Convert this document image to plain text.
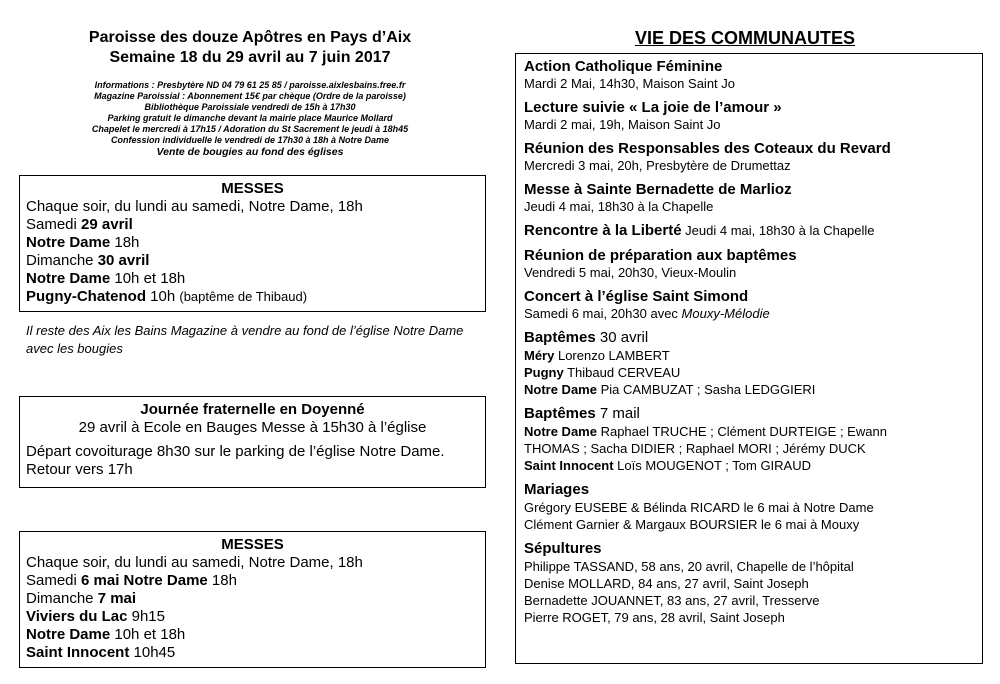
Paroisse des douze Apôtres en Pays d’Aix
Semaine 18 du 29 avril au 7 juin 2017
Informations : Presbytère ND 04 79 61 25 85 / paroisse.aixlesbains.free.fr
Magazine Paroissial : Abonnement 15€ par chèque (Ordre de la paroisse)
Bibliothèque Paroissiale vendredi de 15h à 17h30
Parking gratuit le dimanche devant la mairie place Maurice Mollard
Chapelet le mercredi à 17h15 / Adoration du St Sacrement le jeudi à 18h45
Confession individuelle le vendredi de 17h30 à 18h à Notre Dame
Vente de bougies au fond des églises
MESSES
Chaque soir, du lundi au samedi, Notre Dame, 18h
Samedi 29 avril
Notre Dame 18h
Dimanche 30 avril
Notre Dame 10h et 18h
Pugny-Chatenod 10h (baptême de Thibaud)
Il reste des Aix les Bains Magazine à vendre au fond de l’église Notre Dame avec les bougies
Journée fraternelle en Doyenné
29 avril à Ecole en Bauges Messe à 15h30 à l’église
Départ covoiturage 8h30 sur le parking de l’église Notre Dame.
Retour vers 17h
MESSES
Chaque soir, du lundi au samedi, Notre Dame, 18h
Samedi 6 mai Notre Dame 18h
Dimanche 7 mai
Viviers du Lac 9h15
Notre Dame 10h et 18h
Saint Innocent 10h45
VIE DES COMMUNAUTES
Action Catholique Féminine
Mardi 2 Mai, 14h30, Maison Saint Jo
Lecture suivie « La joie de l’amour »
Mardi 2 mai, 19h, Maison Saint Jo
Réunion des Responsables des Coteaux du Revard
Mercredi 3 mai, 20h, Presbytère de Drumettaz
Messe à Sainte Bernadette de Marlioz
Jeudi 4 mai, 18h30 à la Chapelle
Rencontre à la Liberté Jeudi 4 mai, 18h30 à la Chapelle
Réunion de préparation aux baptêmes
Vendredi 5 mai, 20h30, Vieux-Moulin
Concert à l’église Saint Simond
Samedi 6 mai, 20h30 avec Mouxy-Mélodie
Baptêmes 30 avril
Méry Lorenzo LAMBERT
Pugny Thibaud CERVEAU
Notre Dame Pia CAMBUZAT ; Sasha LEDGGIERI
Baptêmes 7 mail
Notre Dame Raphael TRUCHE ; Clément DURTEIGE ; Ewann
THOMAS ; Sacha DIDIER ; Raphael MORI ; Jérémy DUCK
Saint Innocent Loïs MOUGENOT ; Tom GIRAUD
Mariages
Grégory EUSEBE & Bélinda RICARD le 6 mai à Notre Dame
Clément Garnier & Margaux BOURSIER le 6 mai à Mouxy
Sépultures
Philippe TASSAND, 58 ans, 20 avril, Chapelle de l’hôpital
Denise MOLLARD, 84 ans, 27 avril, Saint Joseph
Bernadette JOUANNET, 83 ans, 27 avril, Tresserve
Pierre ROGET, 79 ans, 28 avril, Saint Joseph
